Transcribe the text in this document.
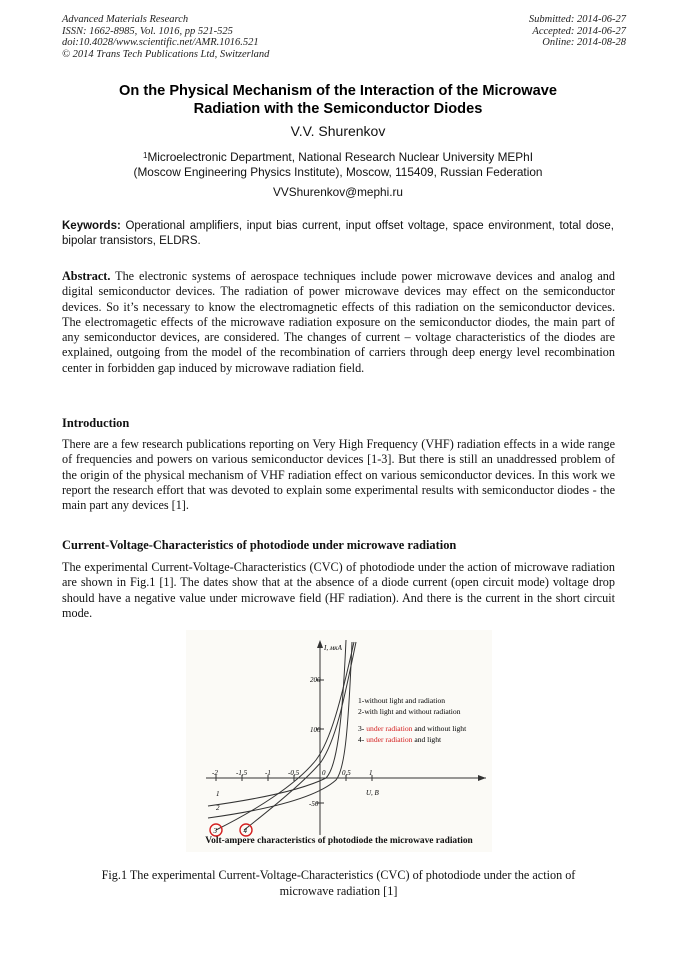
Advanced Materials Research
ISSN: 1662-8985, Vol. 1016, pp 521-525
doi:10.4028/www.scientific.net/AMR.1016.521
© 2014 Trans Tech Publications Ltd, Switzerland
Submitted: 2014-06-27
Accepted: 2014-06-27
Online: 2014-08-28
On the Physical Mechanism of the Interaction of the Microwave
Radiation with the Semiconductor Diodes
V.V. Shurenkov
$^1$Microelectronic Department, National Research Nuclear University MEPhI
(Moscow Engineering Physics Institute), Moscow, 115409, Russian Federation
VVShurenkov@mephi.ru
Keywords: Operational amplifiers, input bias current, input offset voltage, space environment, total dose, bipolar transistors, ELDRS.
Abstract. The electronic systems of aerospace techniques include power microwave devices and analog and digital semiconductor devices. The radiation of power microwave devices may effect on the semiconductor devices. So it’s necessary to know the electromagnetic effects of this radiation on the semiconductor devices. The electromagetic effects of the microwave radiation exposure on the semiconductor diodes, the main part of any semiconductor devices, are considered. The changes of current – voltage characteristics of the diodes are explained, outgoing from the model of the recombination of carriers through deep energy level recombination center in forbidden gap induced by microwave radiation field.
Introduction
There are a few research publications reporting on Very High Frequency (VHF) radiation effects in a wide range of frequencies and powers on various semiconductor devices [1-3]. But there is still an unaddressed problem of the origin of the physical mechanism of VHF radiation effect on various semiconductor devices. In this work we report the research effort that was devoted to explain some experimental results with semiconductor diodes - the main part any devices [1].
Current-Voltage-Characteristics of photodiode under microwave radiation
The experimental Current-Voltage-Characteristics (CVC) of photodiode under the action of microwave radiation are shown in Fig.1 [1]. The dates show that at the absence of a diode current (open circuit mode) voltage drop should have a negative value under microwave field (HF radiation). And there is the current in the short circuit mode.
I, мкА
200
100
-50
-2	-1,5	-1 -0,5	0 0,5	1
U, В
1
2
3	4
1-without light and radiation
2-with light and without radiation
3- under radiation and without light
4- under radiation and light
Volt-ampere characteristics of photodiode the microwave radiation
Fig.1 The experimental Current-Voltage-Characteristics (CVC) of photodiode under the action of
microwave radiation [1]
